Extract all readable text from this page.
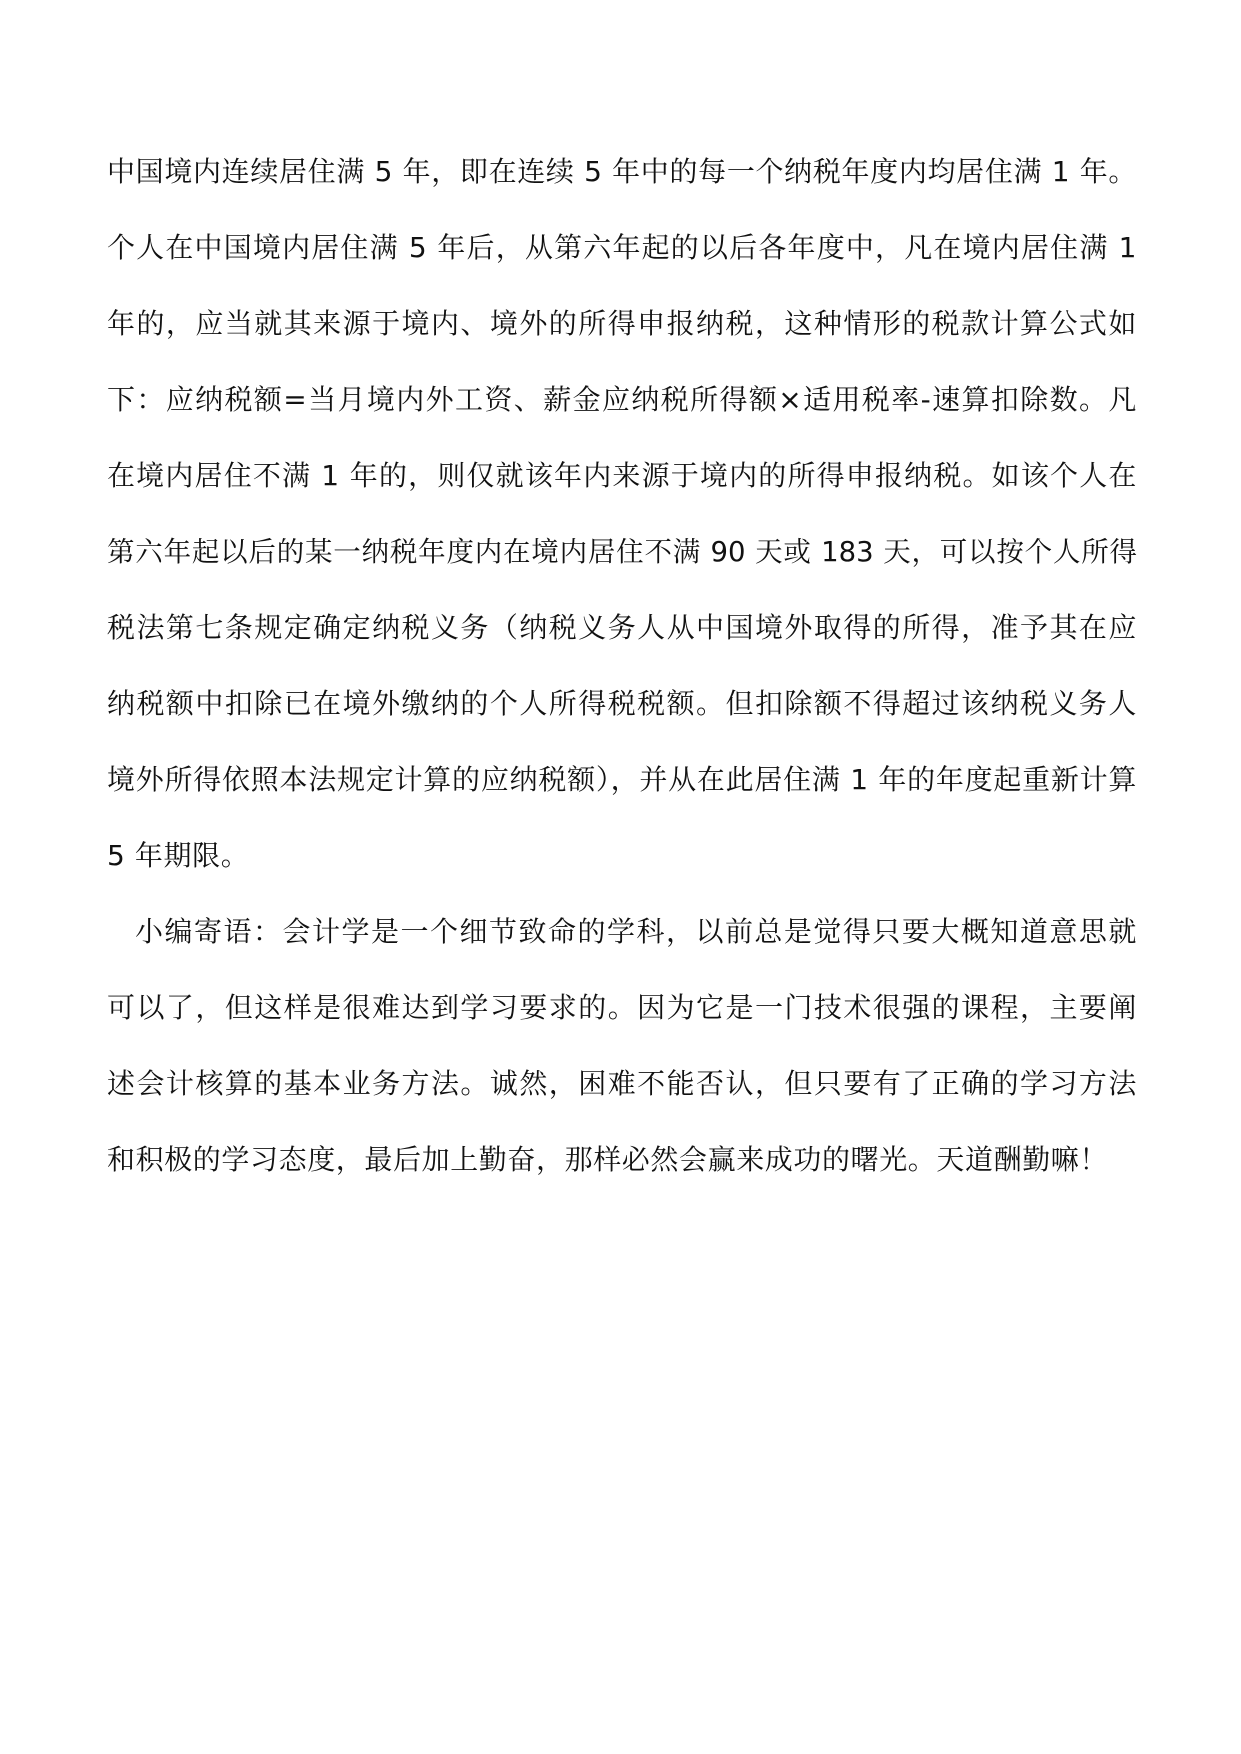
中国境内连续居住满 5 年，即在连续 5 年中的每一个纳税年度内均居住满 1 年。
个人在中国境内居住满 5 年后，从第六年起的以后各年度中，凡在境内居住满 1
年的，应当就其来源于境内、境外的所得申报纳税，这种情形的税款计算公式如
下：应纳税额=当月境内外工资、薪金应纳税所得额×适用税率-速算扣除数。凡
在境内居住不满 1 年的，则仅就该年内来源于境内的所得申报纳税。如该个人在
第六年起以后的某一纳税年度内在境内居住不满 90 天或 183 天，可以按个人所得
税法第七条规定确定纳税义务（纳税义务人从中国境外取得的所得，准予其在应
纳税额中扣除已在境外缴纳的个人所得税税额。但扣除额不得超过该纳税义务人
境外所得依照本法规定计算的应纳税额），并从在此居住满 1 年的年度起重新计算
5 年期限。
小编寄语：会计学是一个细节致命的学科，以前总是觉得只要大概知道意思就
可以了，但这样是很难达到学习要求的。因为它是一门技术很强的课程，主要阐
述会计核算的基本业务方法。诚然，困难不能否认，但只要有了正确的学习方法
和积极的学习态度，最后加上勤奋，那样必然会赢来成功的曙光。天道酬勤嘛！
